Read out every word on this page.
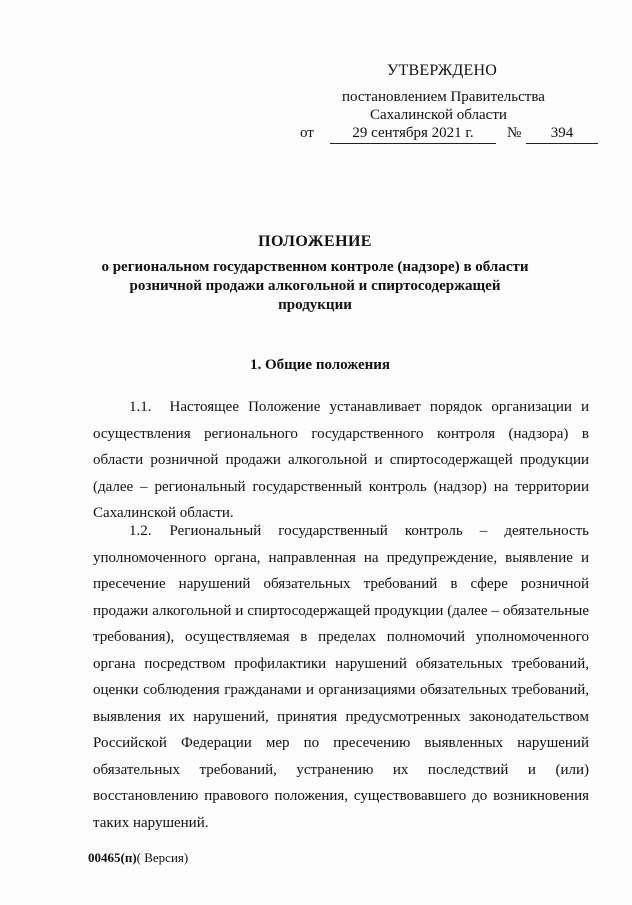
УТВЕРЖДЕНО
постановлением Правительства
Сахалинской области
от	29 сентября 2021 г.	№	394
ПОЛОЖЕНИЕ
о региональном государственном контроле (надзоре) в области розничной продажи алкогольной и спиртосодержащей продукции
1. Общие положения
1.1. Настоящее Положение устанавливает порядок организации и осуществления регионального государственного контроля (надзора) в области розничной продажи алкогольной и спиртосодержащей продукции (далее – региональный государственный контроль (надзор) на территории Сахалинской области.
1.2. Региональный государственный контроль – деятельность уполномоченного органа, направленная на предупреждение, выявление и пресечение нарушений обязательных требований в сфере розничной продажи алкогольной и спиртосодержащей продукции (далее – обязательные требования), осуществляемая в пределах полномочий уполномоченного органа посредством профилактики нарушений обязательных требований, оценки соблюдения гражданами и организациями обязательных требований, выявления их нарушений, принятия предусмотренных законодательством Российской Федерации мер по пресечению выявленных нарушений обязательных требований, устранению их последствий и (или) восстановлению правового положения, существовавшего до возникновения таких нарушений.
00465(п)( Версия)
